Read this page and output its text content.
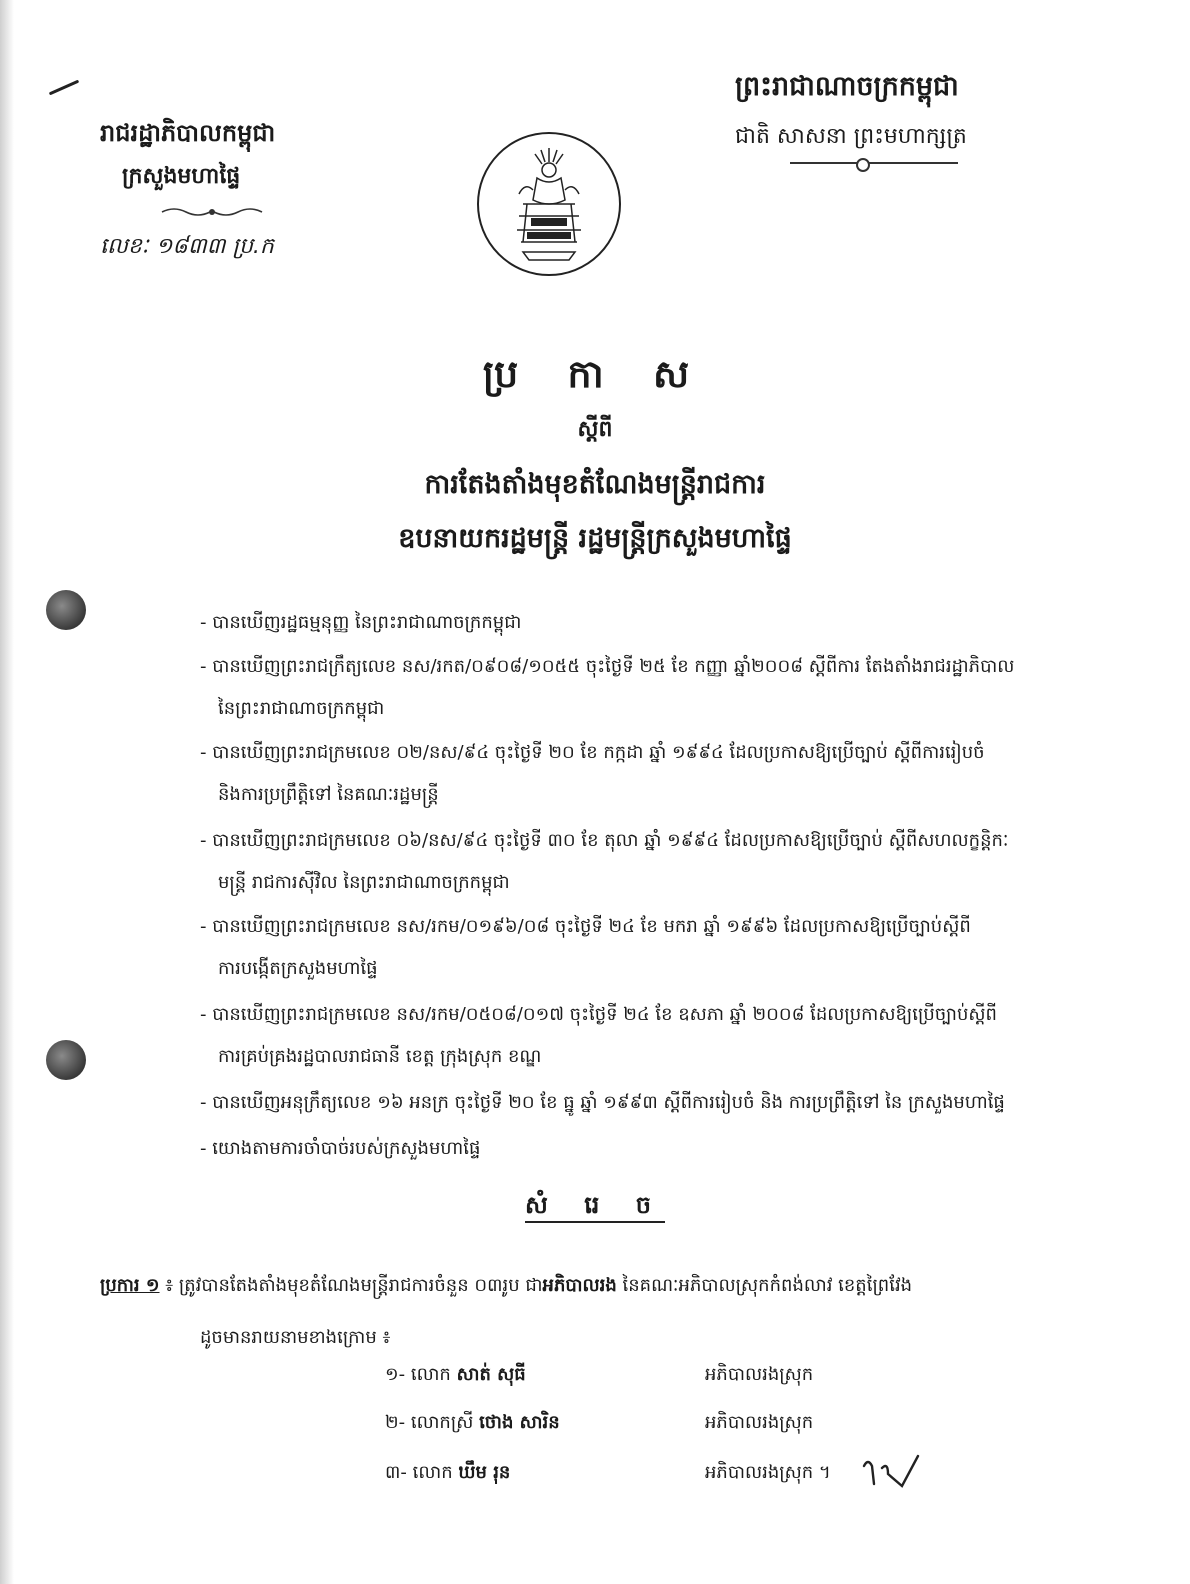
ព្រះរាជាណាចក្រកម្ពុជា
ជាតិ សាសនា ព្រះមហាក្សត្រ
រាជរដ្ឋាភិបាលកម្ពុជា
ក្រសួងមហាផ្ទៃ
លេខៈ ១៨៣៣ ប្រ.ក
ប្រ កា ស
ស្តីពី
ការតែងតាំងមុខតំណែងមន្ត្រីរាជការ
ឧបនាយករដ្ឋមន្ត្រី រដ្ឋមន្ត្រីក្រសួងមហាផ្ទៃ
- បានឃើញរដ្ឋធម្មនុញ្ញ នៃព្រះរាជាណាចក្រកម្ពុជា
- បានឃើញព្រះរាជក្រឹត្យលេខ នស/រកត/០៩០៨/១០៥៥ ចុះថ្ងៃទី ២៥ ខែ កញ្ញា ឆ្នាំ២០០៨ ស្តីពីការ តែងតាំងរាជរដ្ឋាភិបាល
នៃព្រះរាជាណាចក្រកម្ពុជា
- បានឃើញព្រះរាជក្រមលេខ ០២/នស/៩៤ ចុះថ្ងៃទី ២០ ខែ កក្កដា ឆ្នាំ ១៩៩៤ ដែលប្រកាសឱ្យប្រើច្បាប់ ស្តីពីការរៀបចំ
និងការប្រព្រឹត្តិទៅ នៃគណៈរដ្ឋមន្ត្រី
- បានឃើញព្រះរាជក្រមលេខ ០៦/នស/៩៤ ចុះថ្ងៃទី ៣០ ខែ តុលា ឆ្នាំ ១៩៩៤ ដែលប្រកាសឱ្យប្រើច្បាប់ ស្តីពីសហលក្ខន្តិកៈ
មន្ត្រី រាជការស៊ីវិល នៃព្រះរាជាណាចក្រកម្ពុជា
- បានឃើញព្រះរាជក្រមលេខ នស/រកម/០១៩៦/០៨ ចុះថ្ងៃទី ២៤ ខែ មករា ឆ្នាំ ១៩៩៦ ដែលប្រកាសឱ្យប្រើច្បាប់ស្តីពី
ការបង្កើតក្រសួងមហាផ្ទៃ
- បានឃើញព្រះរាជក្រមលេខ នស/រកម/០៥០៨/០១៧ ចុះថ្ងៃទី ២៤ ខែ ឧសភា ឆ្នាំ ២០០៨ ដែលប្រកាសឱ្យប្រើច្បាប់ស្តីពី
ការគ្រប់គ្រងរដ្ឋបាលរាជធានី ខេត្ត ក្រុងស្រុក ខណ្ឌ
- បានឃើញអនុក្រឹត្យលេខ ១៦ អនក្រ ចុះថ្ងៃទី ២០ ខែ ធ្នូ ឆ្នាំ ១៩៩៣ ស្តីពីការរៀបចំ និង ការប្រព្រឹត្តិទៅ នៃ ក្រសួងមហាផ្ទៃ
- យោងតាមការចាំបាច់របស់ក្រសួងមហាផ្ទៃ
សំ រេ ច
ប្រការ ១ ៖ ត្រូវបានតែងតាំងមុខតំណែងមន្ត្រីរាជការចំនួន ០៣រូប ជាអភិបាលរង នៃគណៈអភិបាលស្រុកកំពង់លាវ ខេត្តព្រៃវែង
ដូចមានរាយនាមខាងក្រោម ៖
១- លោក សាត់ សុធី	អភិបាលរងស្រុក
២- លោកស្រី ថោង សារិន	អភិបាលរងស្រុក
៣- លោក ឃឹម រុន	អភិបាលរងស្រុក ។
